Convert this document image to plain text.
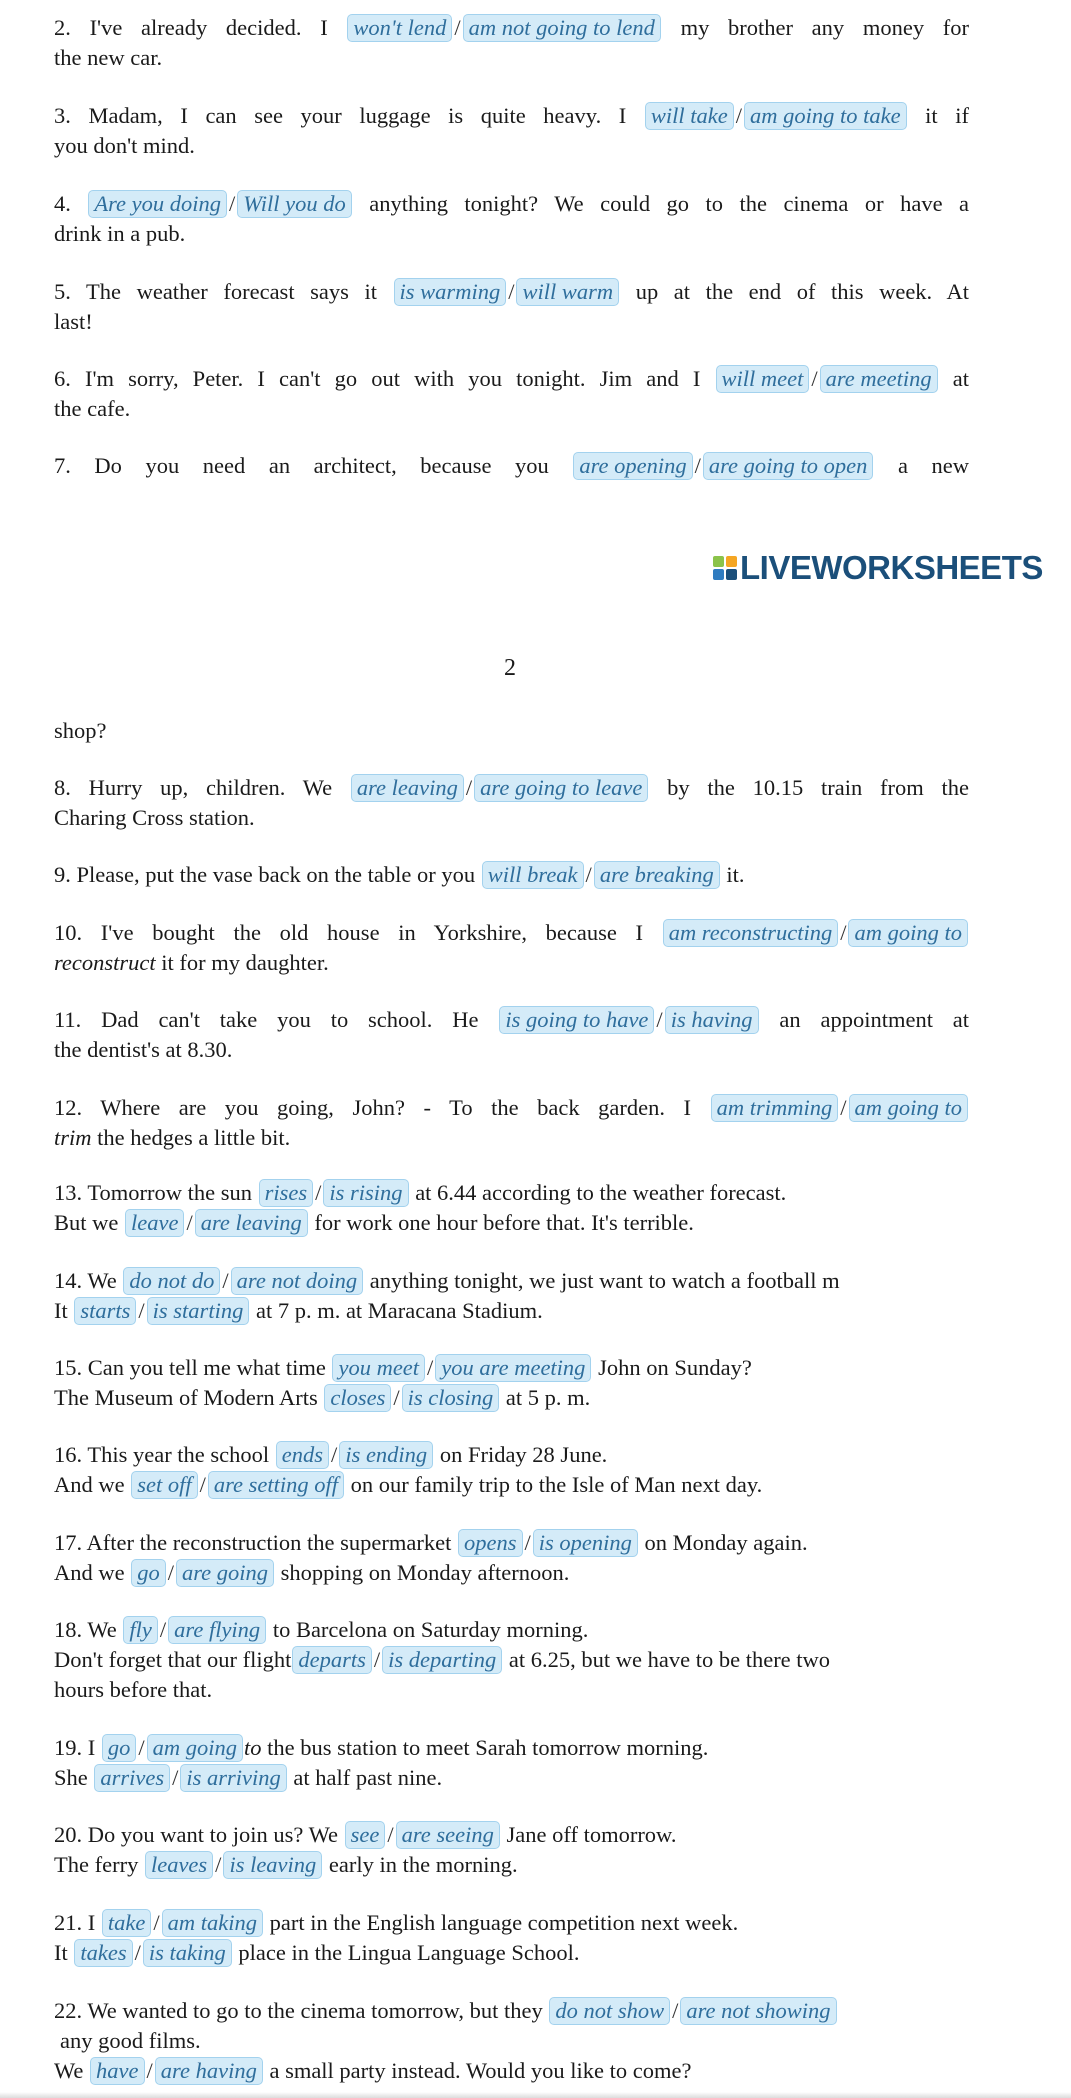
2. I've already decided. I won't lend / am not going to lend my brother any money for
the new car.
3. Madam, I can see your luggage is quite heavy. I will take / am going to take it if
you don't mind.
4. Are you doing / Will you do anything tonight? We could go to the cinema or have a
drink in a pub.
5. The weather forecast says it is warming / will warm up at the end of this week. At
last!
6. I'm sorry, Peter. I can't go out with you tonight. Jim and I will meet / are meeting at
the cafe.
7. Do you need an architect, because you are opening / are going to open a new
LIVEWORKSHEETS
2
shop?
8. Hurry up, children. We are leaving / are going to leave by the 10.15 train from the
Charing Cross station.
9. Please, put the vase back on the table or you will break / are breaking it.
10. I've bought the old house in Yorkshire, because I am reconstructing / am going to
reconstruct it for my daughter.
11. Dad can't take you to school. He is going to have / is having an appointment at
the dentist's at 8.30.
12. Where are you going, John? - To the back garden. I am trimming / am going to
trim the hedges a little bit.
13. Tomorrow the sun rises / is rising at 6.44 according to the weather forecast.
But we leave / are leaving for work one hour before that. It's terrible.
14. We do not do / are not doing anything tonight, we just want to watch a football m
It starts / is starting at 7 p. m. at Maracana Stadium.
15. Can you tell me what time you meet / you are meeting John on Sunday?
The Museum of Modern Arts closes / is closing at 5 p. m.
16. This year the school ends / is ending on Friday 28 June.
And we set off / are setting off on our family trip to the Isle of Man next day.
17. After the reconstruction the supermarket opens / is opening on Monday again.
And we go / are going shopping on Monday afternoon.
18. We fly / are flying to Barcelona on Saturday morning.
Don't forget that our flight departs / is departing at 6.25, but we have to be there two
hours before that.
19. I go / am going to the bus station to meet Sarah tomorrow morning.
She arrives / is arriving at half past nine.
20. Do you want to join us? We see / are seeing Jane off tomorrow.
The ferry leaves / is leaving early in the morning.
21. I take / am taking part in the English language competition next week.
It takes / is taking place in the Lingua Language School.
22. We wanted to go to the cinema tomorrow, but they do not show / are not showing
any good films.
We have / are having a small party instead. Would you like to come?
